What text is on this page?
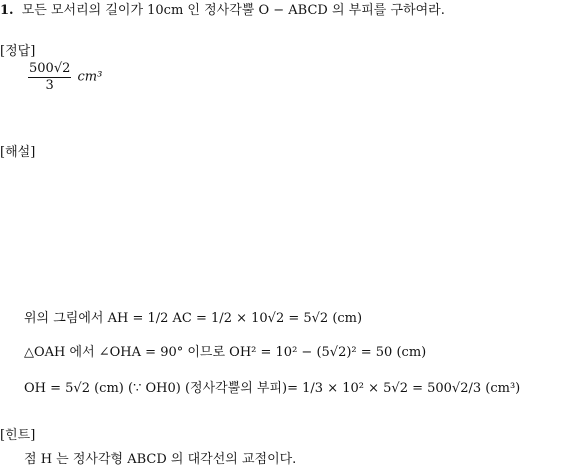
1. 모든 모서리의 길이가 10cm 인 정사각뿔 O − ABCD 의 부피를 구하여라.
[정답]
$\frac{500√2}{3} cm^3$
[해설]
위의 그림에서 AH = 1/2 AC = 1/2 × 10√2 = 5√2 (cm)
△OAH 에서 ∠OHA = 90° 이므로 OH² = 10² − (5√2)² = 50 (cm)
OH = 5√2 (cm) (∵ OH0) (정사각뿔의 부피)= 1/3 × 10² × 5√2 = 500√2/3 (cm³)
[힌트]
점 H 는 정사각형 ABCD 의 대각선의 교점이다.
